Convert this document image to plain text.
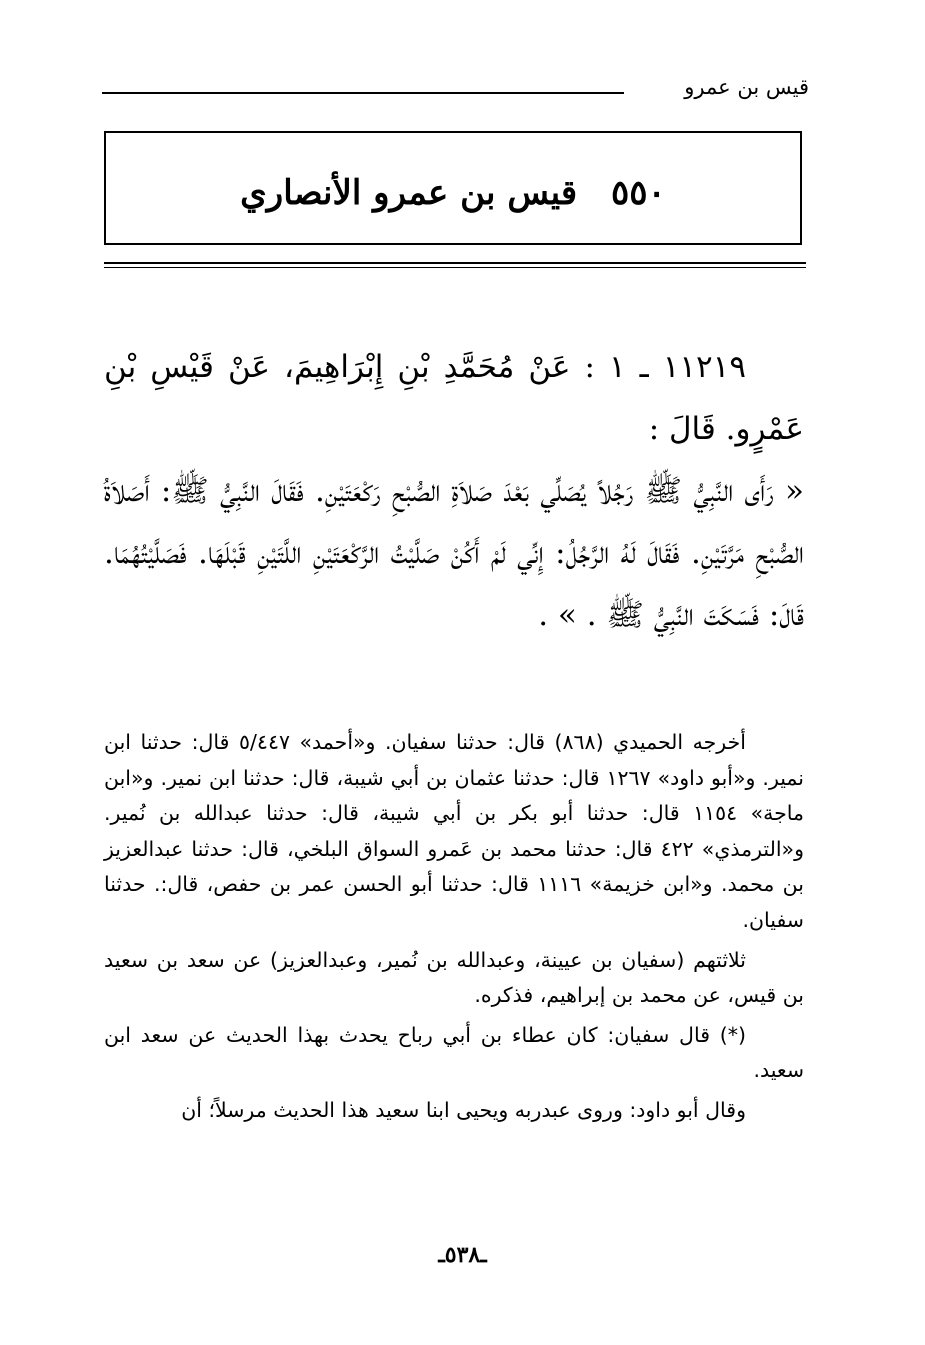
قيس بن عمرو
٥٥٠ قيس بن عمرو الأنصاري

١١٢١٩ ـ ١ : عَنْ مُحَمَّدِ بْنِ إِبْرَاهِيمَ، عَنْ قَيْسِ بْنِ عَمْرٍو. قَالَ :

« رَأَى النَّبِيُّ ﷺ رَجُلاً يُصَلِّي بَعْدَ صَلاَةِ الصُّبْحِ رَكْعَتَيْنِ. فَقَالَ النَّبِيُّ ﷺ: أَصَلاَةُ الصُّبْحِ مَرَّتَيْنِ. فَقَالَ لَهُ الرَّجُلُ: إِنِّي لَمْ أَكُنْ صَلَّيْتُ الرَّكْعَتَيْنِ اللَّتَيْنِ قَبْلَهَا. فَصَلَّيْتُهُمَا. قَالَ: فَسَكَتَ النَّبِيُّ ﷺ . » .

أخرجه الحميدي (٨٦٨) قال: حدثنا سفيان. و«أحمد» ٥/٤٤٧ قال: حدثنا ابن نمير. و«أبو داود» ١٢٦٧ قال: حدثنا عثمان بن أبي شيبة، قال: حدثنا ابن نمير. و«ابن ماجة» ١١٥٤ قال: حدثنا أبو بكر بن أبي شيبة، قال: حدثنا عبدالله بن نُمير. و«الترمذي» ٤٢٢ قال: حدثنا محمد بن عَمرو السواق البلخي، قال: حدثنا عبدالعزيز بن محمد. و«ابن خزيمة» ١١١٦ قال: حدثنا أبو الحسن عمر بن حفص، قال:. حدثنا سفيان.

ثلاثتهم (سفيان بن عيينة، وعبدالله بن نُمير، وعبدالعزيز) عن سعد بن سعيد بن قيس، عن محمد بن إبراهيم، فذكره.

(*) قال سفيان: كان عطاء بن أبي رباح يحدث بهذا الحديث عن سعد ابن سعيد.

وقال أبو داود: وروى عبدربه ويحيى ابنا سعيد هذا الحديث مرسلاً؛ أن

ـ٥٣٨ـ
